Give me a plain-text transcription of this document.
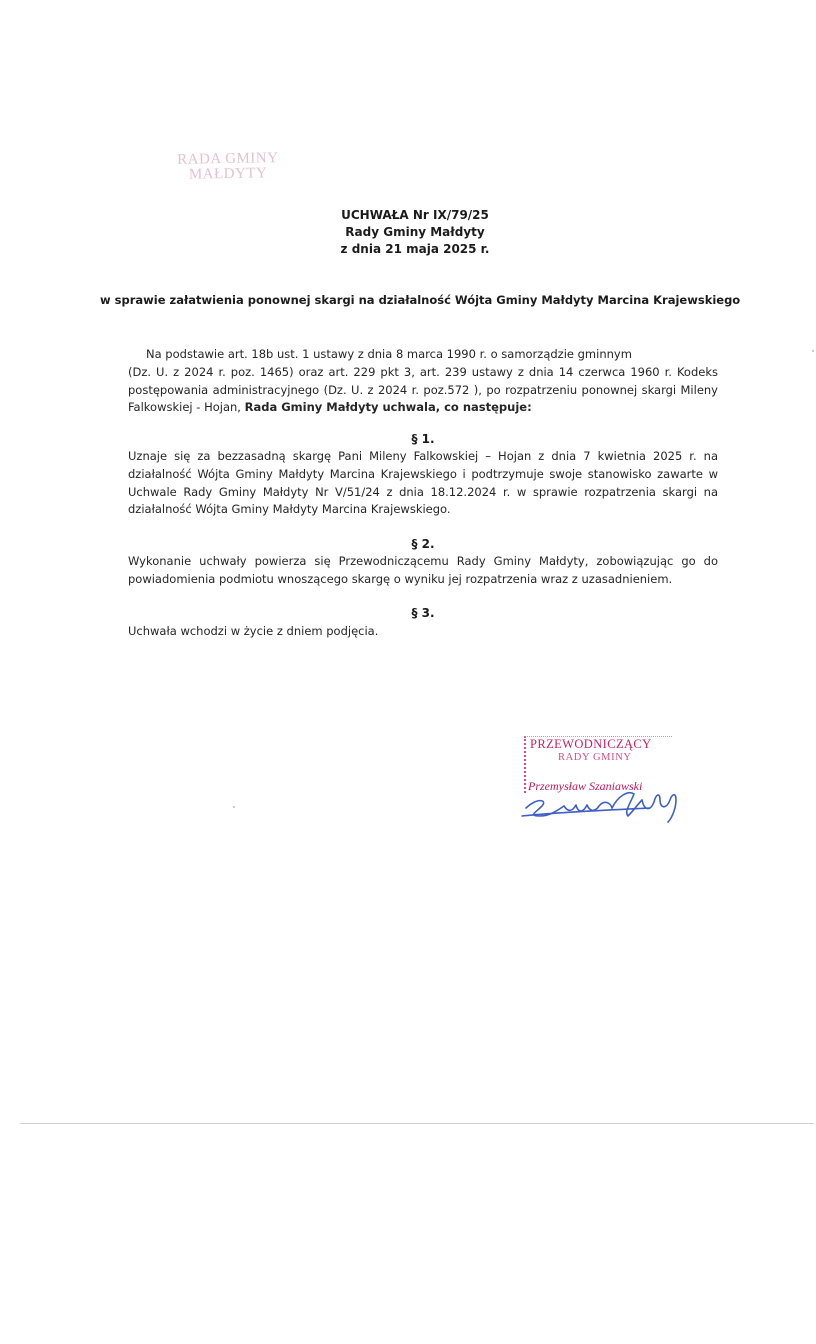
RADA GMINY
MAŁDYTY
UCHWAŁA Nr IX/79/25
Rady Gminy Małdyty
z dnia 21 maja 2025 r.
w sprawie załatwienia ponownej skargi na działalność Wójta Gminy Małdyty Marcina Krajewskiego
Na podstawie art. 18b ust. 1 ustawy z dnia 8 marca 1990 r. o samorządzie gminnym
(Dz. U. z 2024 r. poz. 1465) oraz art. 229 pkt 3, art. 239 ustawy z dnia 14 czerwca 1960 r. Kodeks
postępowania administracyjnego (Dz. U. z 2024 r. poz.572 ), po rozpatrzeniu ponownej skargi Mileny
Falkowskiej - Hojan, Rada Gminy Małdyty uchwala, co następuje:
§ 1.
Uznaje się za bezzasadną skargę Pani Mileny Falkowskiej – Hojan z dnia 7 kwietnia 2025 r. na
działalność Wójta Gminy Małdyty Marcina Krajewskiego i podtrzymuje swoje stanowisko zawarte w
Uchwale Rady Gminy Małdyty Nr V/51/24 z dnia 18.12.2024 r. w sprawie rozpatrzenia skargi na
działalność Wójta Gminy Małdyty Marcina Krajewskiego.
§ 2.
Wykonanie uchwały powierza się Przewodniczącemu Rady Gminy Małdyty, zobowiązując go do
powiadomienia podmiotu wnoszącego skargę o wyniku jej rozpatrzenia wraz z uzasadnieniem.
§ 3.
Uchwała wchodzi w życie z dniem podjęcia.
PRZEWODNICZĄCY
RADY GMINY
Przemysław Szaniawski
